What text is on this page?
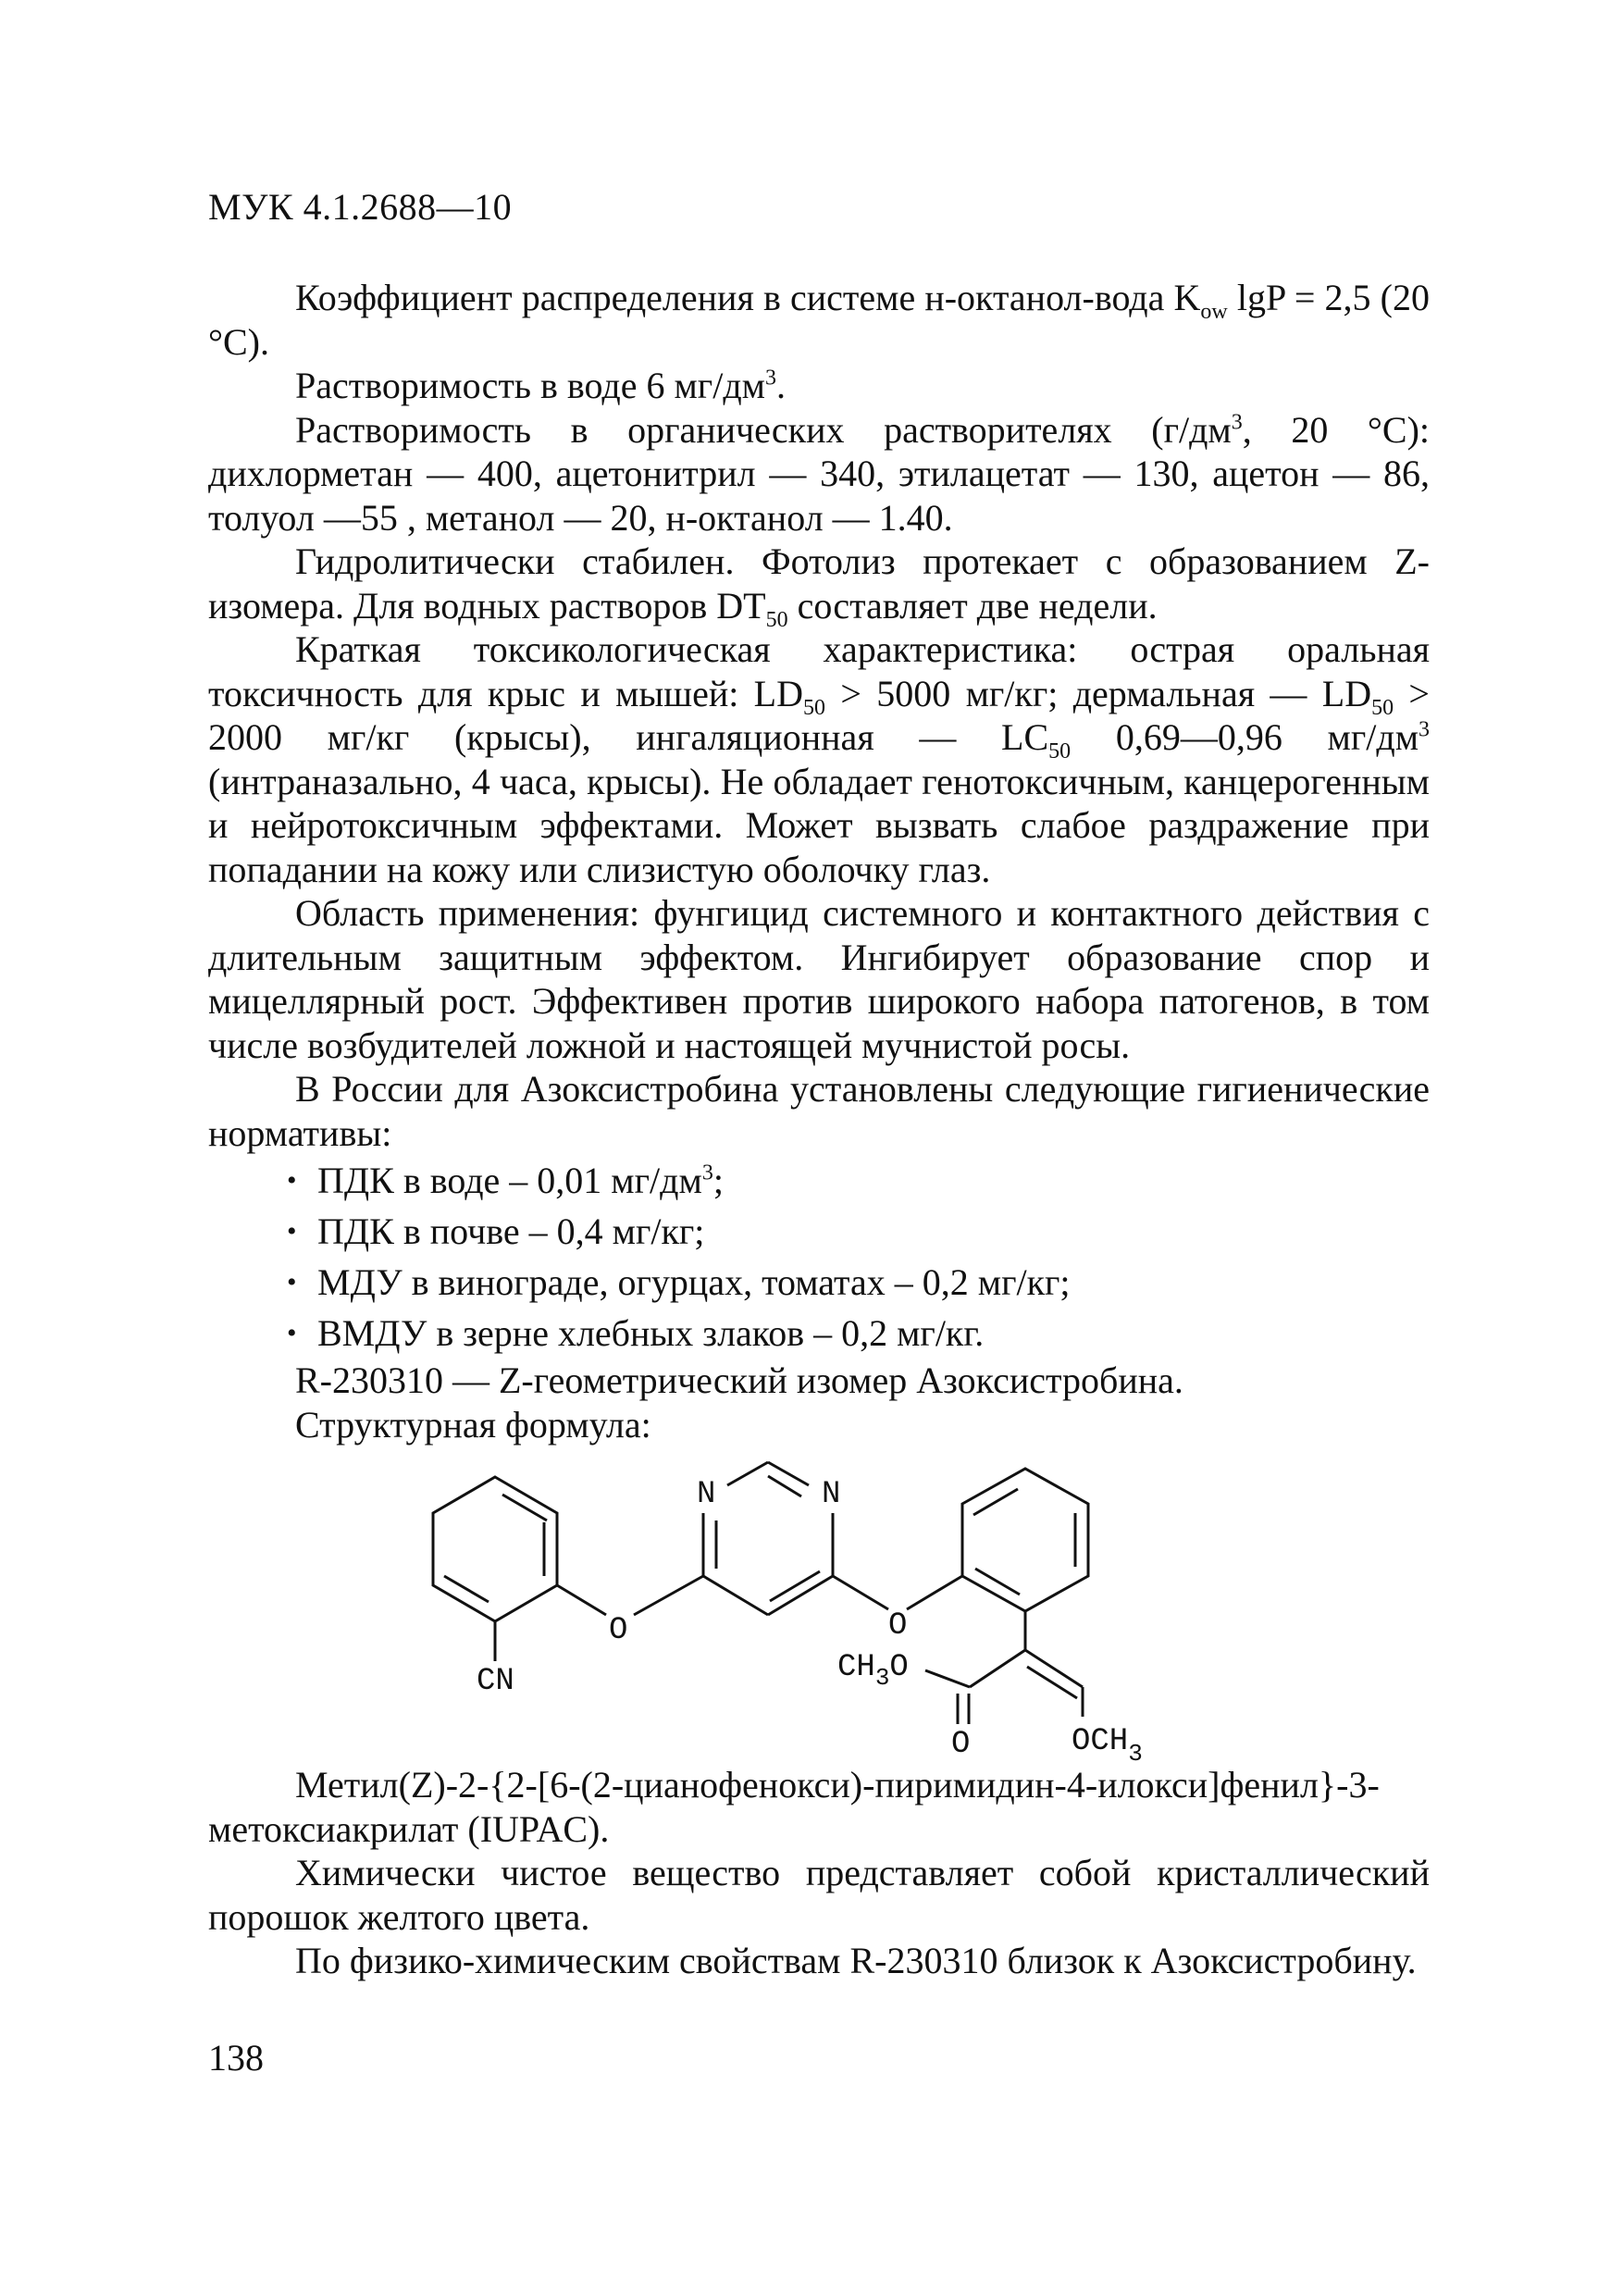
МУК 4.1.2688—10

Коэффициент распределения в системе н-октанол-вода $K_{ow}$ lgP = 2,5 (20 °С).

Растворимость в воде 6 $мг/дм^3$.

Растворимость в органических растворителях ($г/дм^3$, 20 °С): дихлорметан — 400, ацетонитрил — 340, этилацетат — 130, ацетон — 86, толуол —55 , метанол — 20, н-октанол — 1.40.

Гидролитически стабилен. Фотолиз протекает с образованием Z-изомера. Для водных растворов $DT_{50}$ составляет две недели.

Краткая токсикологическая характеристика: острая оральная токсичность для крыс и мышей: $LD_{50} > 5000$ мг/кг; дермальная — $LD_{50} > 2000$ мг/кг (крысы), ингаляционная — $LC_{50}$ 0,69—0,96 $мг/дм^3$ (интраназально, 4 часа, крысы). Не обладает генотоксичным, канцерогенным и нейротоксичным эффектами. Может вызвать слабое раздражение при попадании на кожу или слизистую оболочку глаз.

Область применения: фунгицид системного и контактного действия с длительным защитным эффектом. Ингибирует образование спор и мицеллярный рост. Эффективен против широкого набора патогенов, в том числе возбудителей ложной и настоящей мучнистой росы.

В России для Азоксистробина установлены следующие гигиенические нормативы:

• ПДК в воде – 0,01 $мг/дм^3$;
• ПДК в почве – 0,4 мг/кг;
• МДУ в винограде, огурцах, томатах – 0,2 мг/кг;
• ВМДУ в зерне хлебных злаков – 0,2 мг/кг.

R-230310 — Z-геометрический изомер Азоксистробина.

Структурная формула:

N	N
O	O
CN	$CH_3O$
O	$OCH_3$

Метил(Z)-2-{2-[6-(2-цианофенокси)-пиримидин-4-илокси]фенил}-3-метоксиакрилат (IUPAC).

Химически чистое вещество представляет собой кристаллический порошок желтого цвета.

По физико-химическим свойствам R-230310 близок к Азоксистробину.

138
